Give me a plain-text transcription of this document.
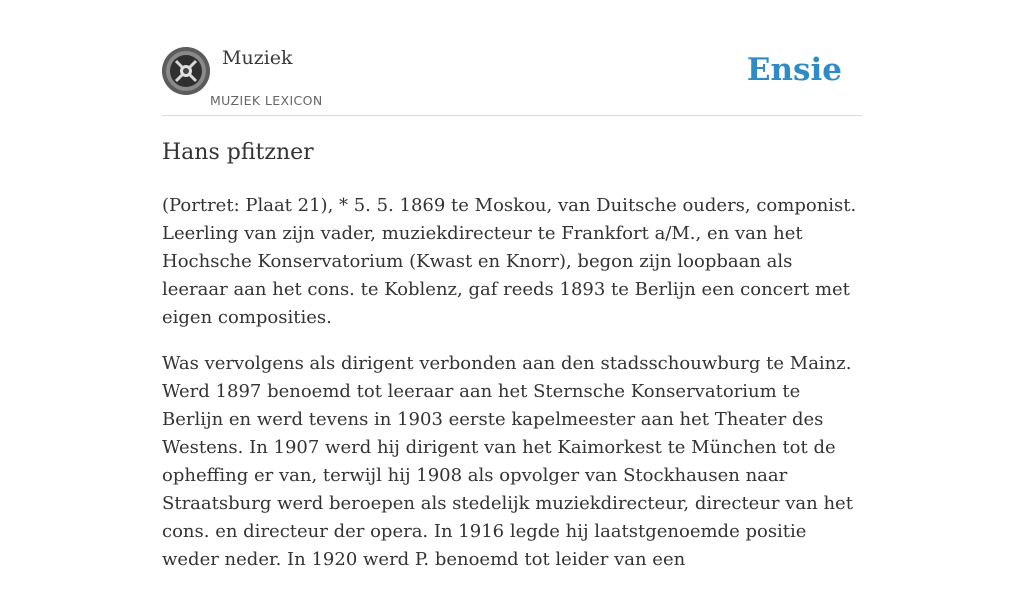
Muziek
MUZIEK LEXICON
Ensie
Hans pfitzner

(Portret: Plaat 21), * 5. 5. 1869 te Moskou, van Duitsche ouders, componist. Leerling van zijn vader, muziekdirecteur te Frankfort a/M., en van het Hochsche Konservatorium (Kwast en Knorr), begon zijn loopbaan als leeraar aan het cons. te Koblenz, gaf reeds 1893 te Berlijn een concert met eigen composities.

Was vervolgens als dirigent verbonden aan den stadsschouwburg te Mainz. Werd 1897 benoemd tot leeraar aan het Sternsche Konservatorium te Berlijn en werd tevens in 1903 eerste kapelmeester aan het Theater des Westens. In 1907 werd hij dirigent van het Kaimorkest te München tot de opheffing er van, terwijl hij 1908 als opvolger van Stockhausen naar Straatsburg werd beroepen als stedelijk muziekdirecteur, directeur van het cons. en directeur der opera. In 1916 legde hij laatstgenoemde positie weder neder. In 1920 werd P. benoemd tot leider van een
